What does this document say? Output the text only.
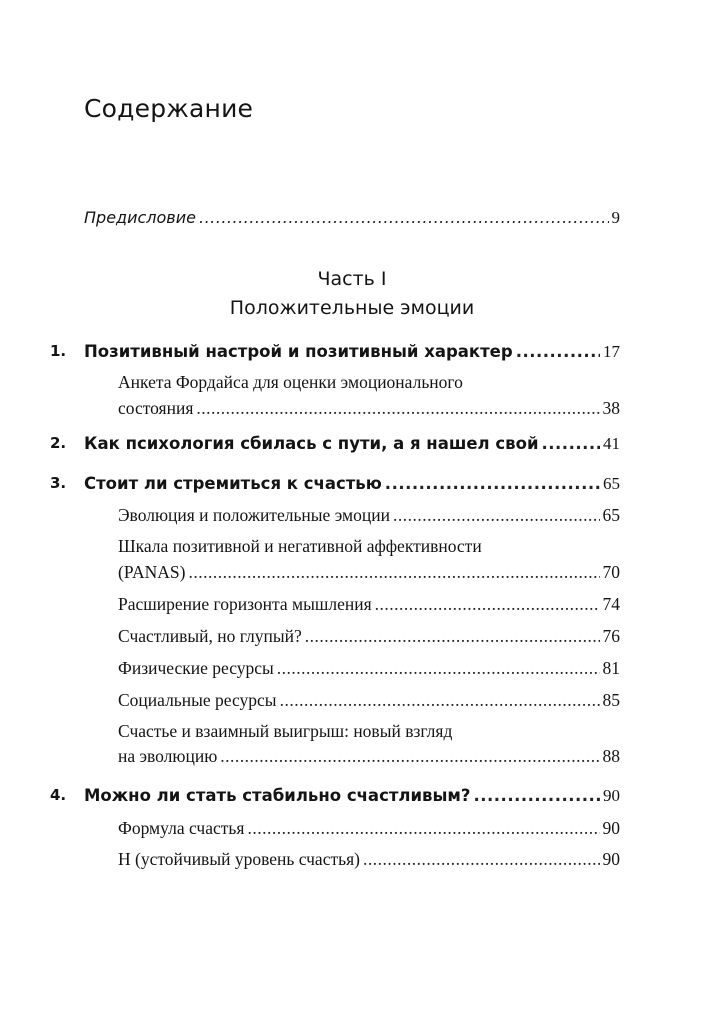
Содержание
Предисловие .....	9
Часть I
Положительные эмоции
1. Позитивный настрой и позитивный характер .....	17
Анкета Фордайса для оценки эмоционального
состояния .....	38
2. Как психология сбилась с пути, а я нашел свой .....	41
3. Стоит ли стремиться к счастью .....	65
Эволюция и положительные эмоции .....	65
Шкала позитивной и негативной аффективности
(PANAS) .....	70
Расширение горизонта мышления .....	74
Счастливый, но глупый? .....	76
Физические ресурсы .....	81
Социальные ресурсы .....	85
Счастье и взаимный выигрыш: новый взгляд
на эволюцию .....	88
4. Можно ли стать стабильно счастливым? .....	90
Формула счастья .....	90
Н (устойчивый уровень счастья) .....	90
